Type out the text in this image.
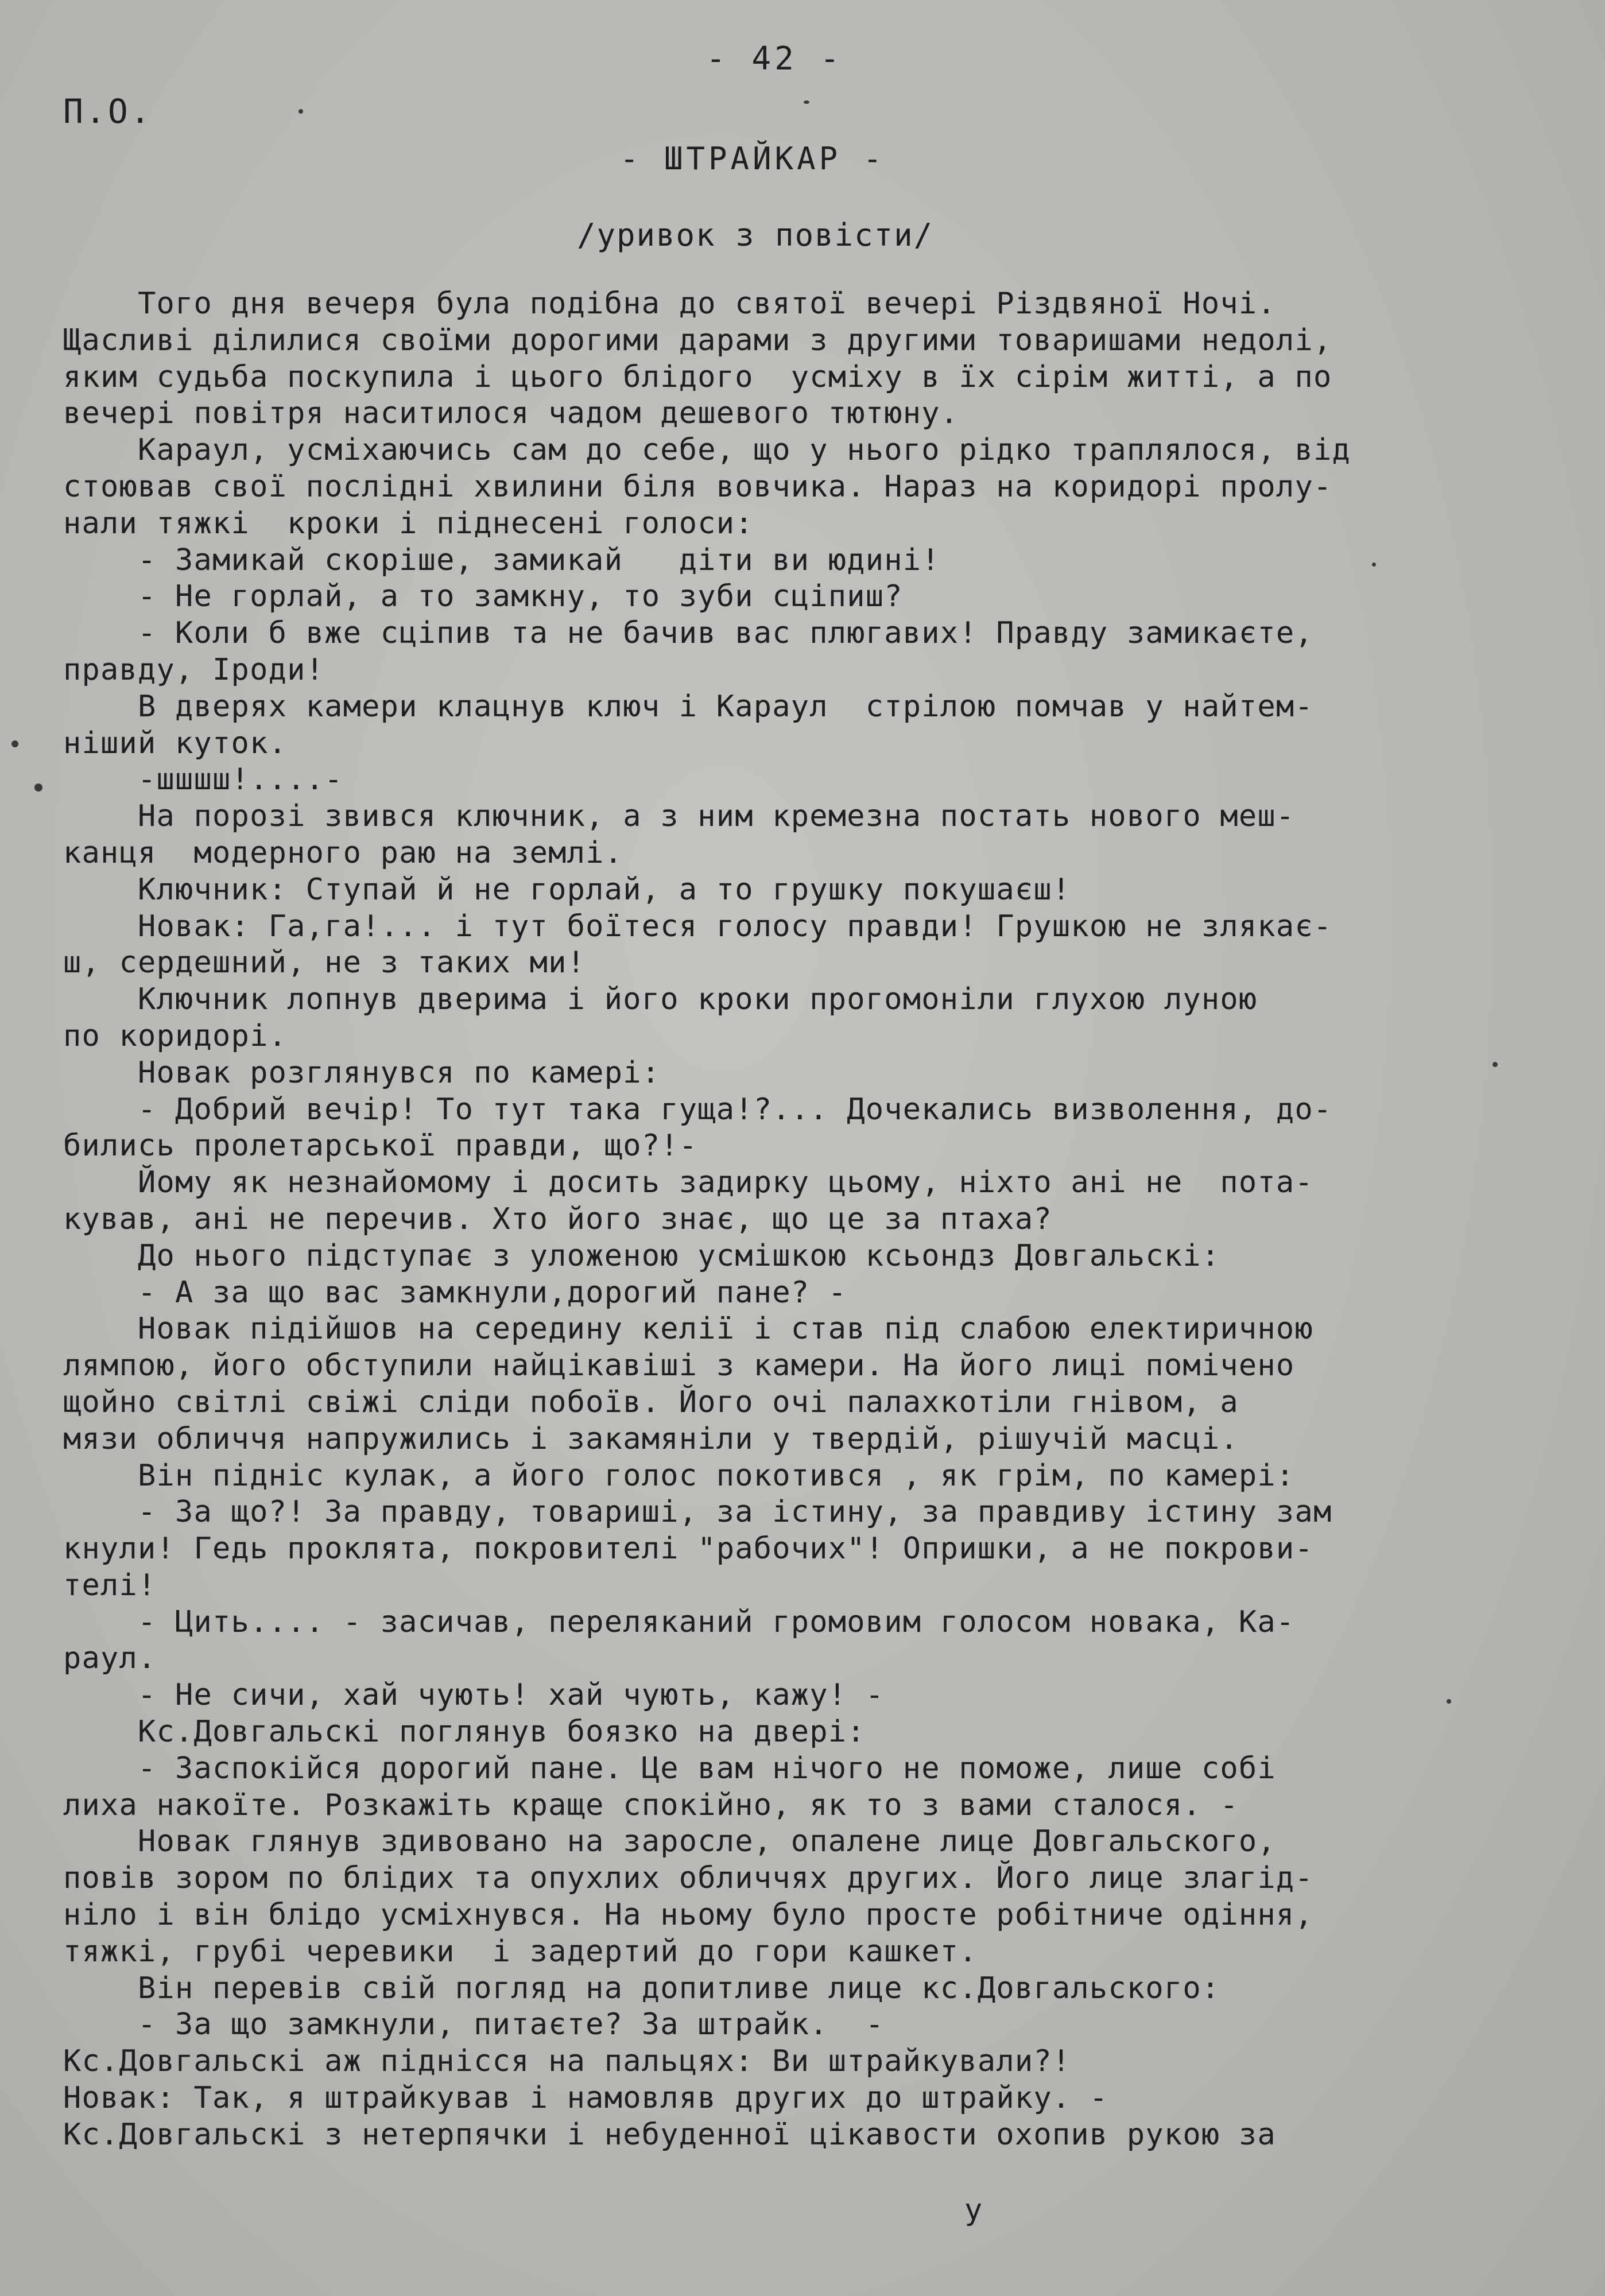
- 42 -
П.О.
- ШТРАЙКАР -
/уривок з повісти/
Того дня вечеря була подібна до святої вечері Різдвяної Ночі.
Щасливі ділилися своїми дорогими дарами з другими товаришами недолі,
яким судьба поскупила і цього блідого  усміху в їх сірім житті, а по
вечері повітря наситилося чадом дешевого тютюну.
Караул, усміхаючись сам до себе, що у нього рідко траплялося, від
стоював свої послідні хвилини біля вовчика. Нараз на коридорі пролу-
нали тяжкі  кроки і піднесені голоси:
- Замикай скоріше, замикай   діти ви юдині!
- Не горлай, а то замкну, то зуби сціпиш?
- Коли б вже сціпив та не бачив вас плюгавих! Правду замикаєте,
правду, Іроди!
В дверях камери клацнув ключ і Караул  стрілою помчав у найтем-
ніший куток.
-шшшш!....-
На порозі звився ключник, а з ним кремезна постать нового меш-
канця  модерного раю на землі.
Ключник: Ступай й не горлай, а то грушку покушаєш!
Новак: Га,га!... і тут боїтеся голосу правди! Грушкою не злякає-
ш, сердешний, не з таких ми!
Ключник лопнув дверима і його кроки прогомоніли глухою луною
по коридорі.
Новак розглянувся по камері:
- Добрий вечір! То тут така гуща!?... Дочекались визволення, до-
бились пролетарської правди, що?!-
Йому як незнайомому і досить задирку цьому, ніхто ані не  пота-
кував, ані не перечив. Хто його знає, що це за птаха?
До нього підступає з уложеною усмішкою ксьондз Довгальскі:
- А за що вас замкнули,дорогий пане? -
Новак підійшов на середину келії і став під слабою електиричною
лямпою, його обступили найцікавіші з камери. На його лиці помічено
щойно світлі свіжі сліди побоїв. Його очі палахкотіли гнівом, а
мязи обличчя напружились і закамяніли у твердій, рішучій масці.
Він підніс кулак, а його голос покотився , як грім, по камері:
- За що?! За правду, товариші, за істину, за правдиву істину зам
кнули! Гедь проклята, покровителі "рабочих"! Опришки, а не покрови-
телі!
- Цить.... - засичав, переляканий громовим голосом новака, Ка-
раул.
- Не сичи, хай чують! хай чують, кажу! -
Кс.Довгальскі поглянув боязко на двері:
- Заспокійся дорогий пане. Це вам нічого не поможе, лише собі
лиха накоїте. Розкажіть краще спокійно, як то з вами сталося. -
Новак глянув здивовано на заросле, опалене лице Довгальского,
повів зором по блідих та опухлих обличчях других. Його лице злагід-
ніло і він блідо усміхнувся. На ньому було просте робітниче одіння,
тяжкі, грубі черевики  і задертий до гори кашкет.
Він перевів свій погляд на допитливе лице кс.Довгальского:
- За що замкнули, питаєте? За штрайк.  -
Кс.Довгальскі аж піднісся на пальцях: Ви штрайкували?!
Новак: Так, я штрайкував і намовляв других до штрайку. -
Кс.Довгальскі з нетерпячки і небуденної цікавости охопив рукою за
у
